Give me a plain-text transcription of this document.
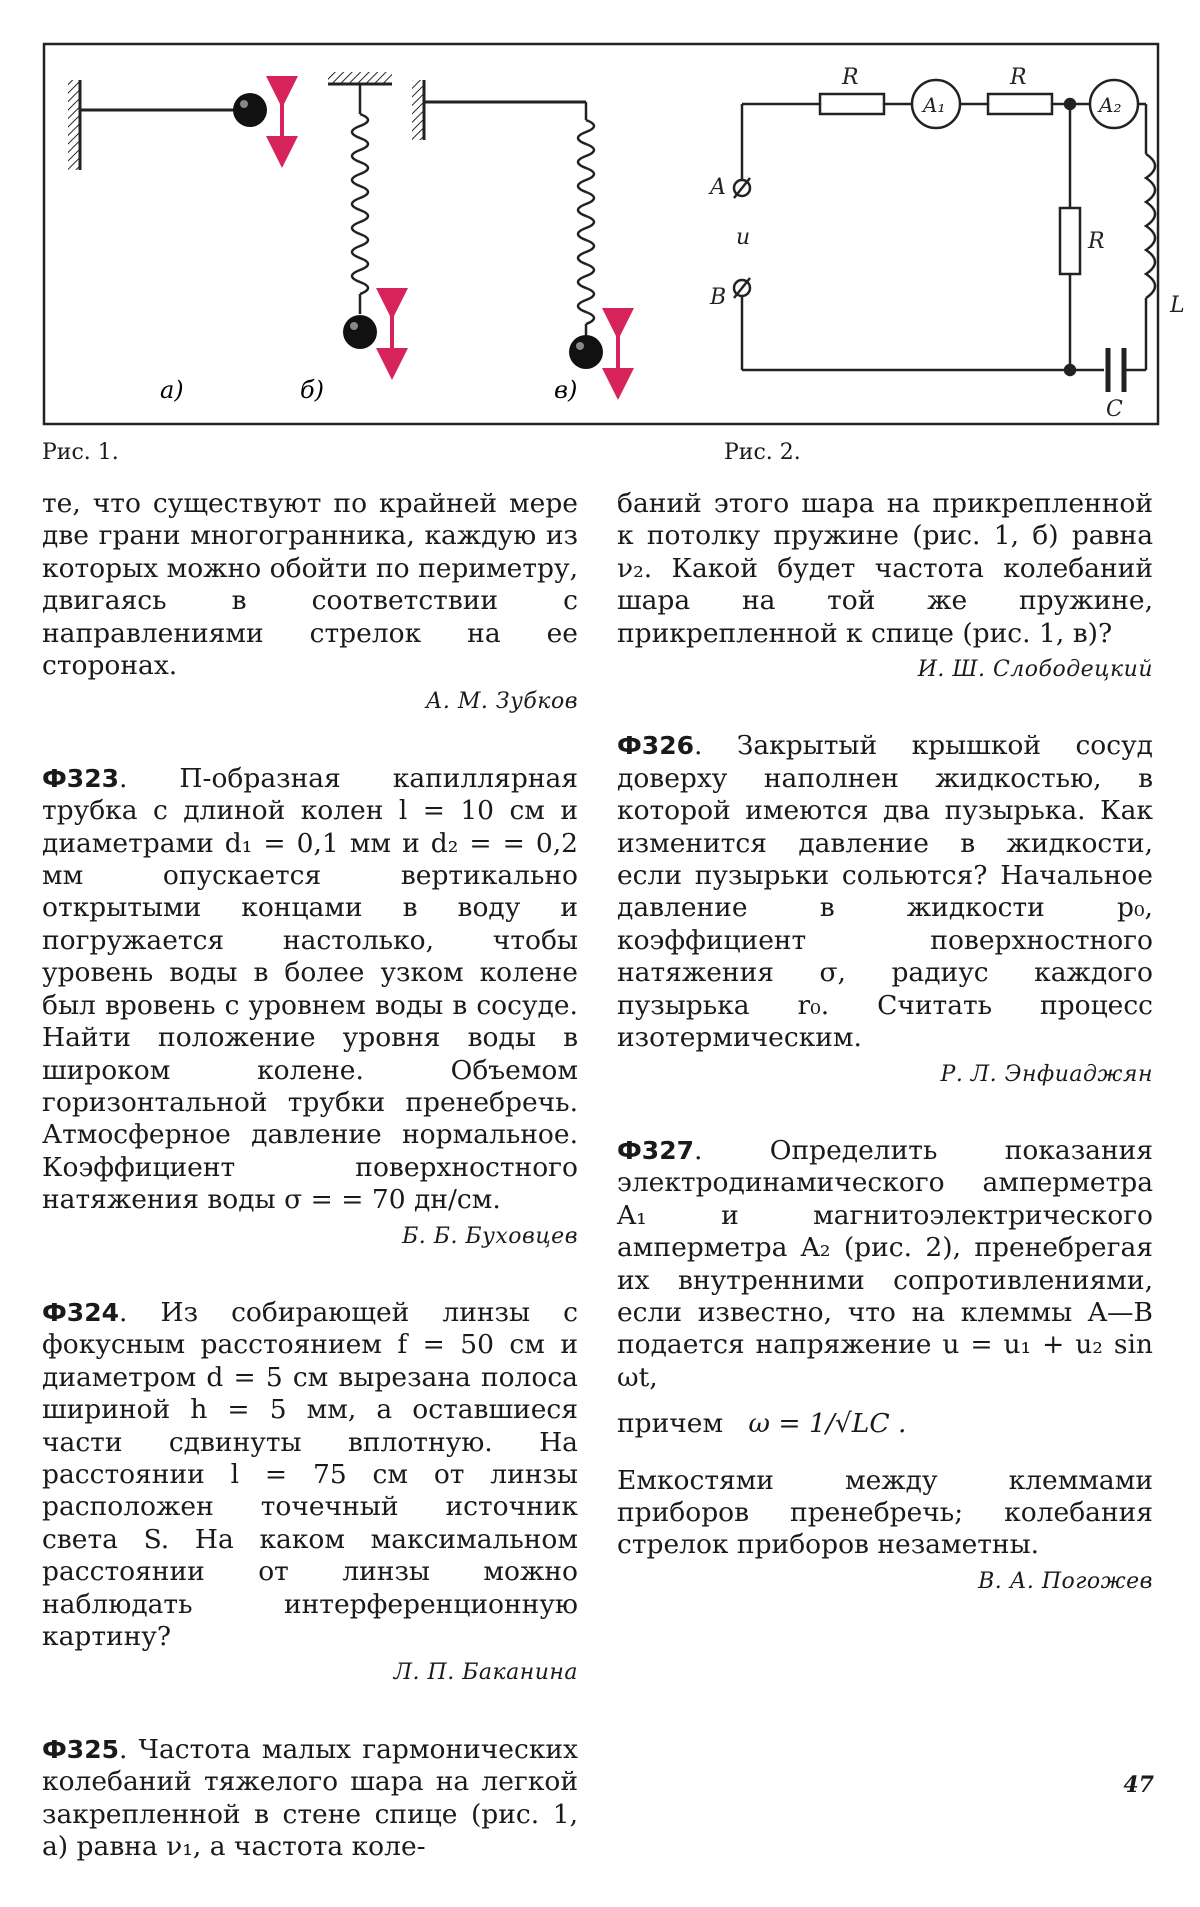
а)	б)	в)
R
A₁
R
A₂
A
u
B
R
L
C
Рис. 1.	Рис. 2.

те, что существуют по крайней мере две грани многогранника, каждую из которых можно обойти по периметру, двигаясь в соответствии с направлениями стрелок на ее сторонах.

А. М. Зубков

Ф323. П-образная капиллярная трубка с длиной колен l = 10 см и диаметрами d₁ = 0,1 мм и d₂ = = 0,2 мм опускается вертикально открытыми концами в воду и погружается настолько, чтобы уровень воды в более узком колене был вровень с уровнем воды в сосуде. Найти положение уровня воды в широком колене. Объемом горизонтальной трубки пренебречь. Атмосферное давление нормальное. Коэффициент поверхностного натяжения воды σ = = 70 дн/см.

Б. Б. Буховцев

Ф324. Из собирающей линзы с фокусным расстоянием f = 50 см и диаметром d = 5 см вырезана полоса шириной h = 5 мм, а оставшиеся части сдвинуты вплотную. На расстоянии l = 75 см от линзы расположен точечный источник света S. На каком максимальном расстоянии от линзы можно наблюдать интерференционную картину?

Л. П. Баканина

Ф325. Частота малых гармонических колебаний тяжелого шара на легкой закрепленной в стене спице (рис. 1, а) равна ν₁, а частота коле-

баний этого шара на прикрепленной к потолку пружине (рис. 1, б) равна ν₂. Какой будет частота колебаний шара на той же пружине, прикрепленной к спице (рис. 1, в)?

И. Ш. Слободецкий

Ф326. Закрытый крышкой сосуд доверху наполнен жидкостью, в которой имеются два пузырька. Как изменится давление в жидкости, если пузырьки сольются? Начальное давление в жидкости p₀, коэффициент поверхностного натяжения σ, радиус каждого пузырька r₀. Считать процесс изотермическим.

Р. Л. Энфиаджян

Ф327. Определить показания электродинамического амперметра A₁ и магнитоэлектрического амперметра A₂ (рис. 2), пренебрегая их внутренними сопротивлениями, если известно, что на клеммы A—B подается напряжение u = u₁ + u₂ sin ωt,

причем ω = 1/√LC .

Емкостями между клеммами приборов пренебречь; колебания стрелок приборов незаметны.

В. А. Погожев
47
